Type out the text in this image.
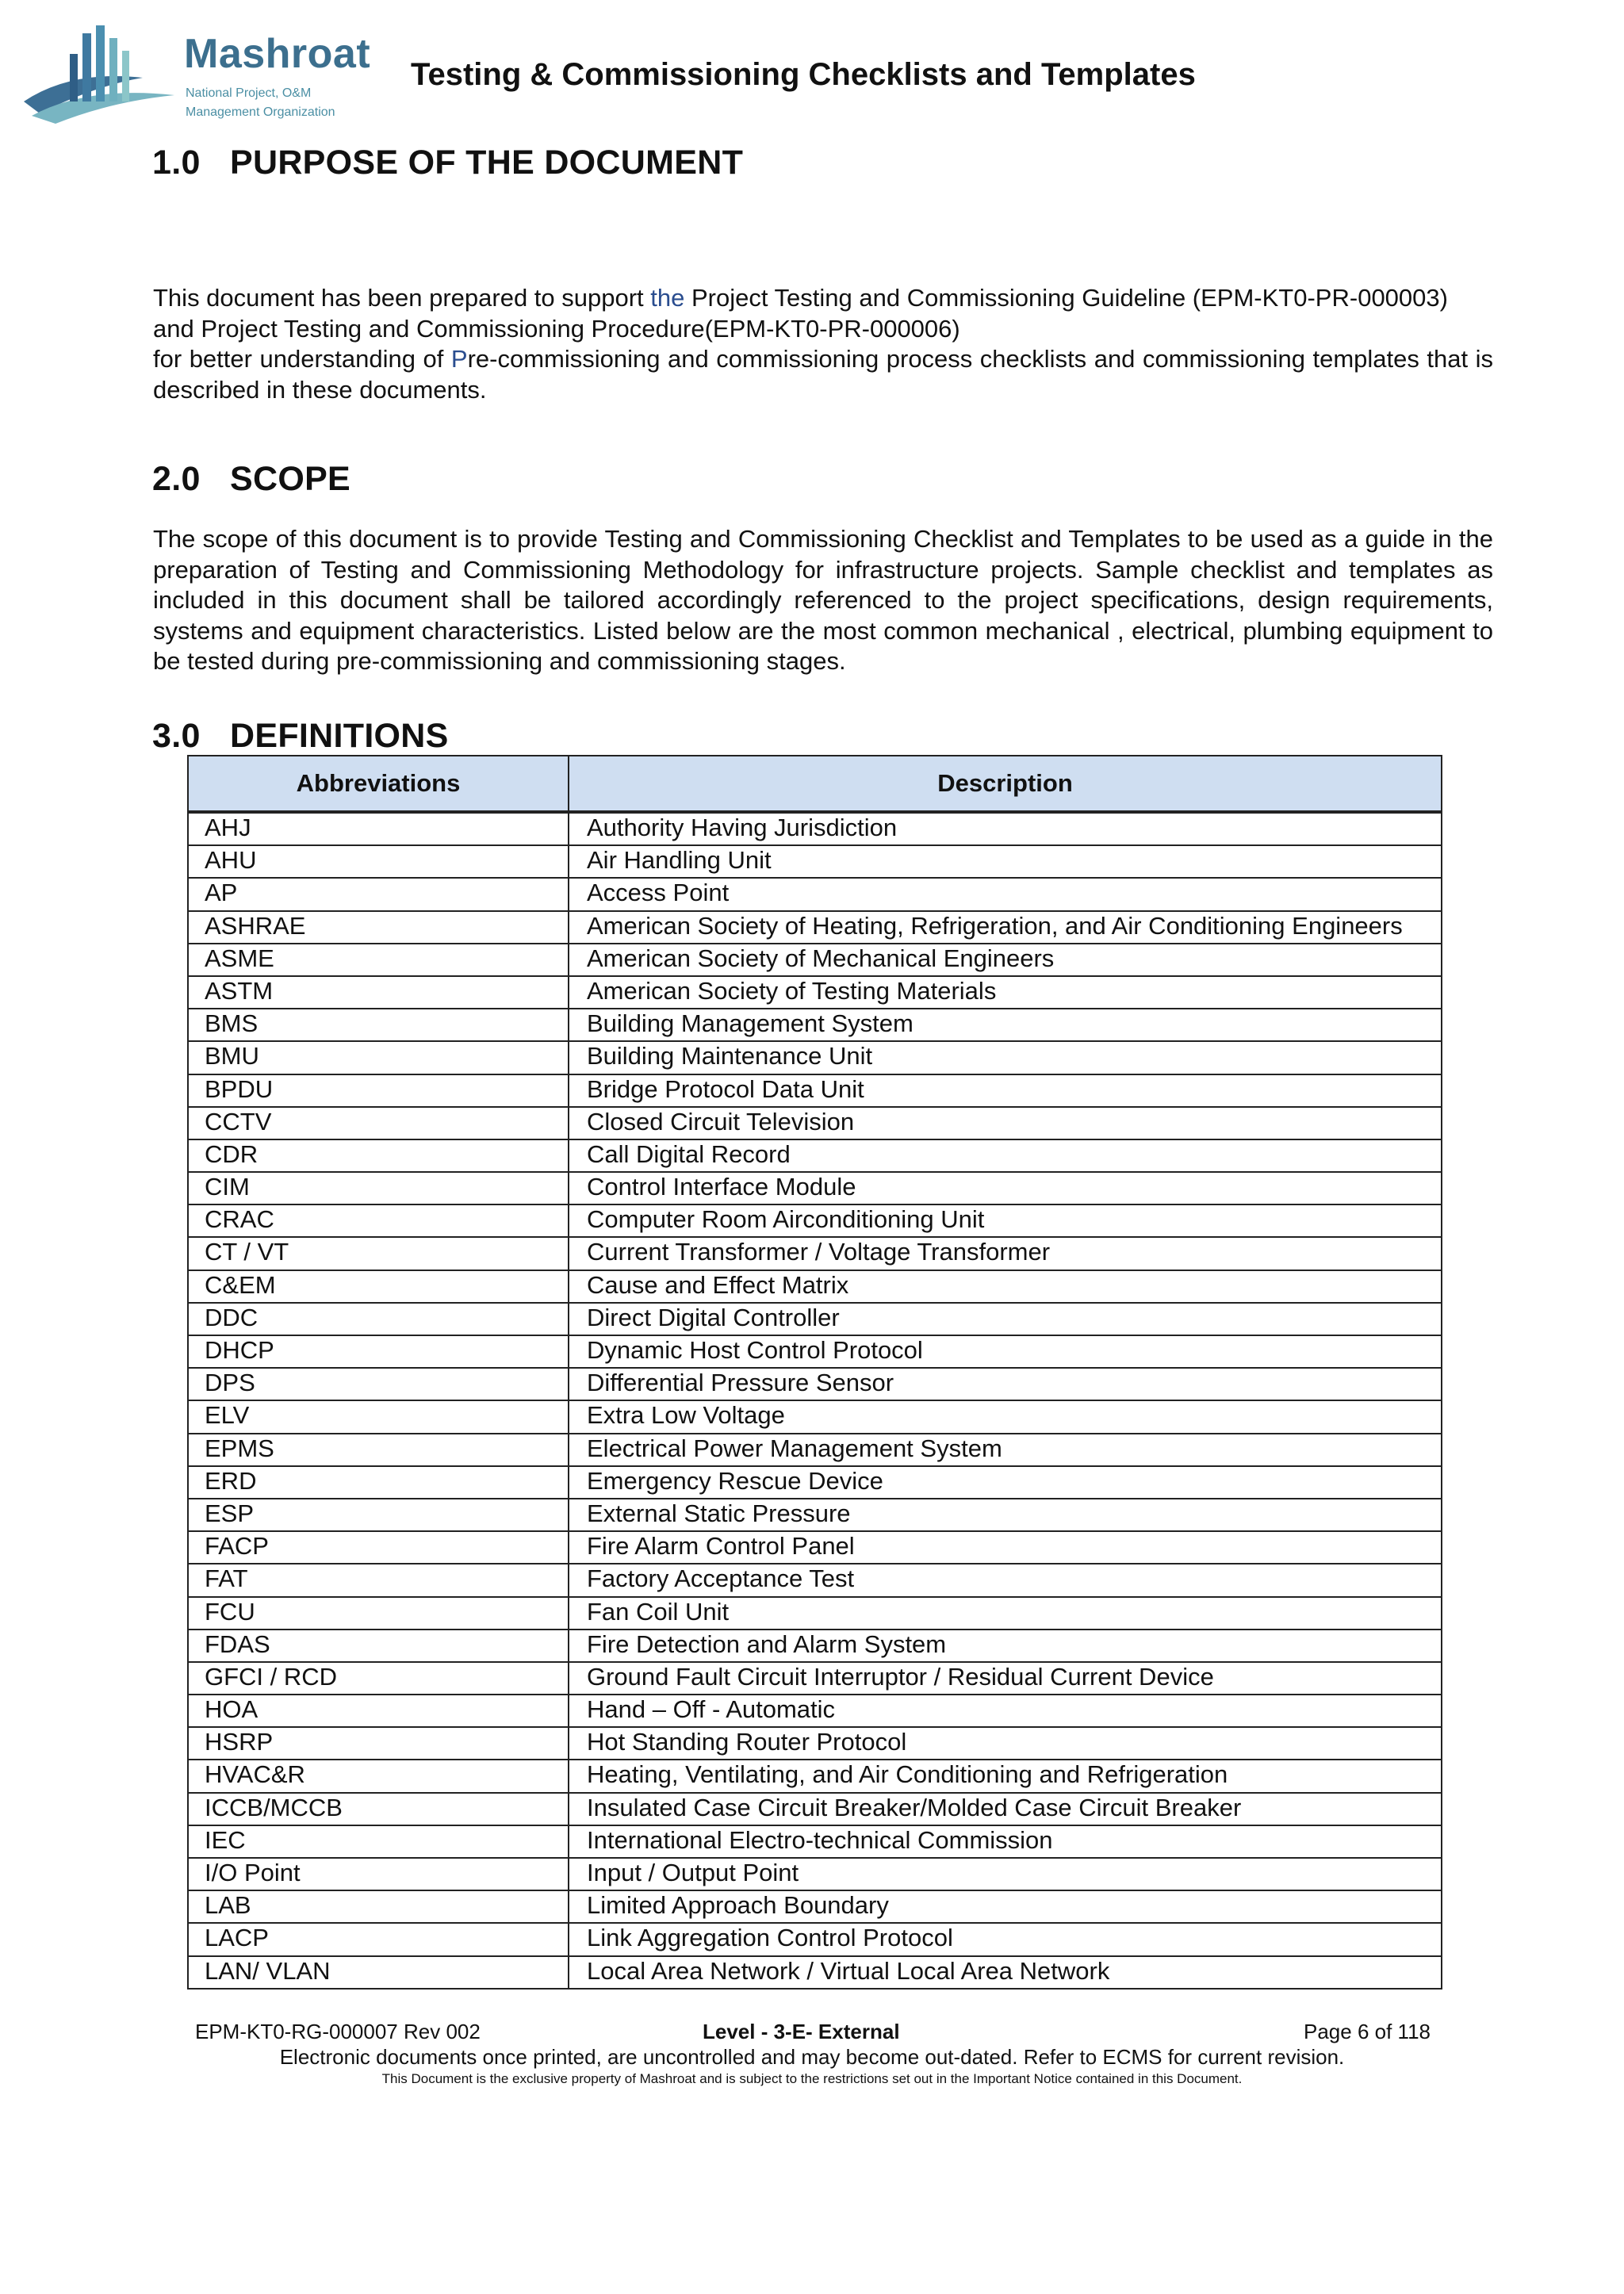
Mashroat
National Project, O&M
Management Organization
Testing & Commissioning Checklists and Templates
1.0 PURPOSE OF THE DOCUMENT

This document has been prepared to support the Project Testing and Commissioning Guideline (EPM-KT0-PR-000003) and Project Testing and Commissioning Procedure(EPM-KT0-PR-000006)

for better understanding of Pre-commissioning and commissioning process checklists and commissioning templates that is described in these documents.

2.0 SCOPE
The scope of this document is to provide Testing and Commissioning Checklist and Templates to be used as a guide in the preparation of Testing and Commissioning Methodology for infrastructure projects. Sample checklist and templates as included in this document shall be tailored accordingly referenced to the project specifications, design requirements, systems and equipment characteristics. Listed below are the most common mechanical , electrical, plumbing equipment to be tested during pre-commissioning and commissioning stages.
3.0 DEFINITIONS
Abbreviations	Description
AHJ	Authority Having Jurisdiction
AHU	Air Handling Unit
AP	Access Point
ASHRAE	American Society of Heating, Refrigeration, and Air Conditioning Engineers
ASME	American Society of Mechanical Engineers
ASTM	American Society of Testing Materials
BMS	Building Management System
BMU	Building Maintenance Unit
BPDU	Bridge Protocol Data Unit
CCTV	Closed Circuit Television
CDR	Call Digital Record
CIM	Control Interface Module
CRAC	Computer Room Airconditioning Unit
CT / VT	Current Transformer / Voltage Transformer
C&EM	Cause and Effect Matrix
DDC	Direct Digital Controller
DHCP	Dynamic Host Control Protocol
DPS	Differential Pressure Sensor
ELV	Extra Low Voltage
EPMS	Electrical Power Management System
ERD	Emergency Rescue Device
ESP	External Static Pressure
FACP	Fire Alarm Control Panel
FAT	Factory Acceptance Test
FCU	Fan Coil Unit
FDAS	Fire Detection and Alarm System
GFCI / RCD	Ground Fault Circuit Interruptor / Residual Current Device
HOA	Hand – Off - Automatic
HSRP	Hot Standing Router Protocol
HVAC&R	Heating, Ventilating, and Air Conditioning and Refrigeration
ICCB/MCCB	Insulated Case Circuit Breaker/Molded Case Circuit Breaker
IEC	International Electro-technical Commission
I/O Point	Input / Output Point
LAB	Limited Approach Boundary
LACP	Link Aggregation Control Protocol
LAN/ VLAN	Local Area Network / Virtual Local Area Network
EPM-KT0-RG-000007 Rev 002	Level - 3-E- External	Page 6 of 118
Electronic documents once printed, are uncontrolled and may become out-dated. Refer to ECMS for current revision.
This Document is the exclusive property of Mashroat and is subject to the restrictions set out in the Important Notice contained in this Document.
